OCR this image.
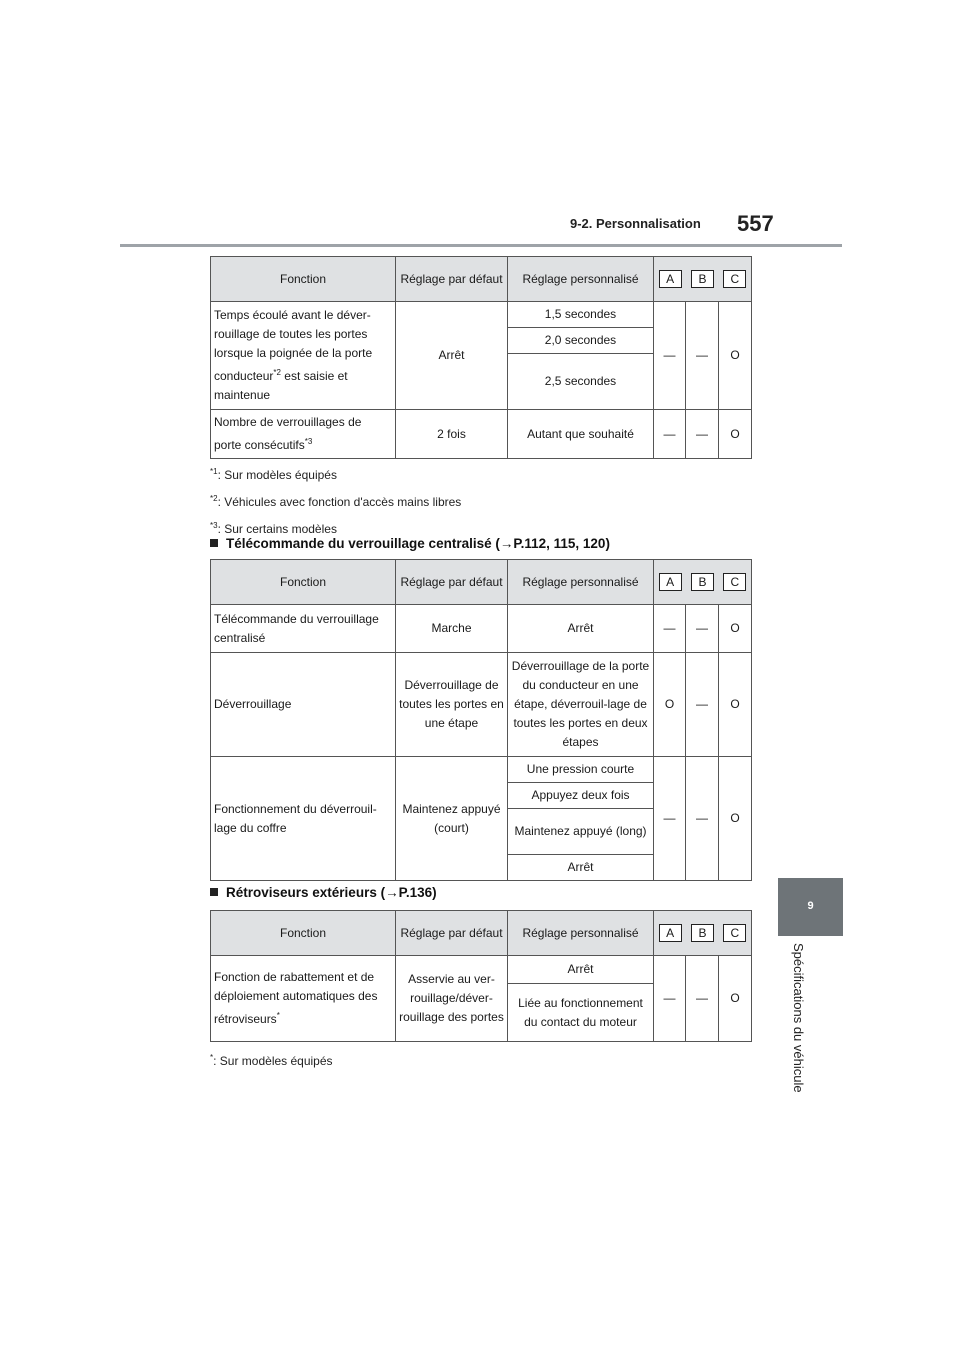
9-2. Personnalisation 557
9
Spécifications du véhicule
Fonction	Réglage par défaut	Réglage personnalisé	A B C		

Temps écoulé avant le déver-rouillage de toutes les portes lorsque la poignée de la porte conducteur$^{*2}$ est saisie et maintenue	Arrêt	1,5 secondes	—	—	O
		2,0 secondes			
		2,5 secondes			
Nombre de verrouillages de porte consécutifs$^{*3}$	2 fois	Autant que souhaité	—	—	O
$^{*1}$: Sur modèles équipés
$^{*2}$: Véhicules avec fonction d'accès mains libres
$^{*3}$: Sur certains modèles
Télécommande du verrouillage centralisé (→P.112, 115, 120)
Fonction	Réglage par défaut	Réglage personnalisé	A B C		

Télécommande du verrouillage centralisé	Marche	Arrêt	—	—	O
Déverrouillage	Déverrouillage de toutes les portes en une étape	Déverrouillage de la porte du conducteur en une étape, déverrouil-lage de toutes les portes en deux étapes	O	—	O
Fonctionnement du déverrouil-lage du coffre	Maintenez appuyé (court)	Une pression courte	—	—	O
		Appuyez deux fois			
		Maintenez appuyé (long)			
		Arrêt			
Rétroviseurs extérieurs (→P.136)
Fonction	Réglage par défaut	Réglage personnalisé	A B C		

Fonction de rabattement et de déploiement automatiques des rétroviseurs*	Asservie au ver-rouillage/déver-rouillage des portes	Arrêt	—	—	O
		Liée au fonctionnement du contact du moteur			
*: Sur modèles équipés
